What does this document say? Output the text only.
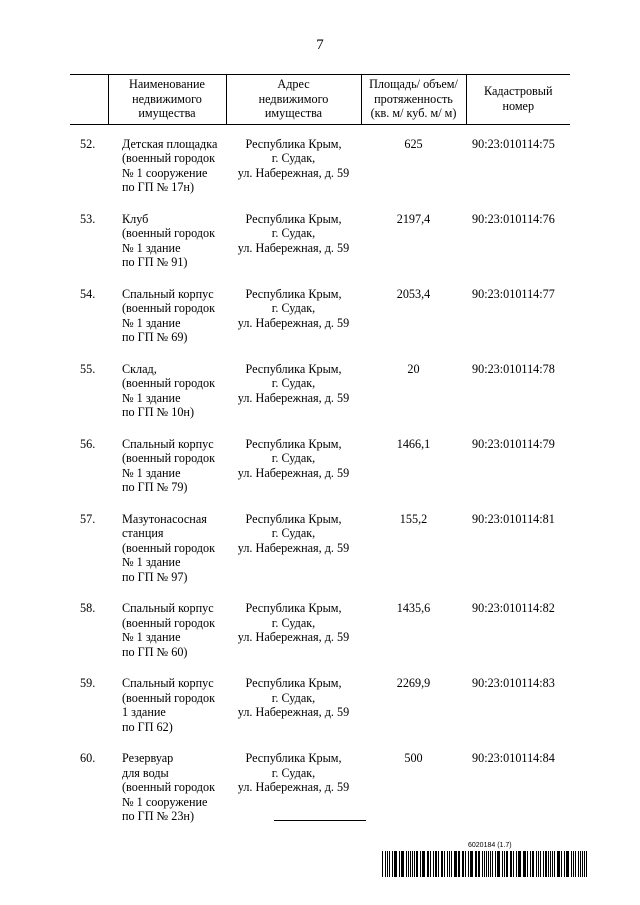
7

	Наименование
недвижимого
имущества	Адрес
недвижимого
имущества	Площадь/ объем/
протяженность
(кв. м/ куб. м/ м)	Кадастровый
номер

52.	Детская площадка
(военный городок
№ 1 сооружение
по ГП № 17н)	Республика Крым,
г. Судак,
ул. Набережная, д. 59	625	90:23:010114:75
53.	Клуб
(военный городок
№ 1 здание
по ГП № 91)	Республика Крым,
г. Судак,
ул. Набережная, д. 59	2197,4	90:23:010114:76
54.	Спальный корпус
(военный городок
№ 1 здание
по ГП № 69)	Республика Крым,
г. Судак,
ул. Набережная, д. 59	2053,4	90:23:010114:77
55.	Склад,
(военный городок
№ 1 здание
по ГП № 10н)	Республика Крым,
г. Судак,
ул. Набережная, д. 59	20	90:23:010114:78
56.	Спальный корпус
(военный городок
№ 1 здание
по ГП № 79)	Республика Крым,
г. Судак,
ул. Набережная, д. 59	1466,1	90:23:010114:79
57.	Мазутонасосная
станция
(военный городок
№ 1 здание
по ГП № 97)	Республика Крым,
г. Судак,
ул. Набережная, д. 59	155,2	90:23:010114:81
58.	Спальный корпус
(военный городок
№ 1 здание
по ГП № 60)	Республика Крым,
г. Судак,
ул. Набережная, д. 59	1435,6	90:23:010114:82
59.	Спальный корпус
(военный городок
1 здание
по ГП 62)	Республика Крым,
г. Судак,
ул. Набережная, д. 59	2269,9	90:23:010114:83
60.	Резервуар
для воды
(военный городок
№ 1 сооружение
по ГП № 23н)	Республика Крым,
г. Судак,
ул. Набережная, д. 59	500	90:23:010114:84
6020184 (1.7)
